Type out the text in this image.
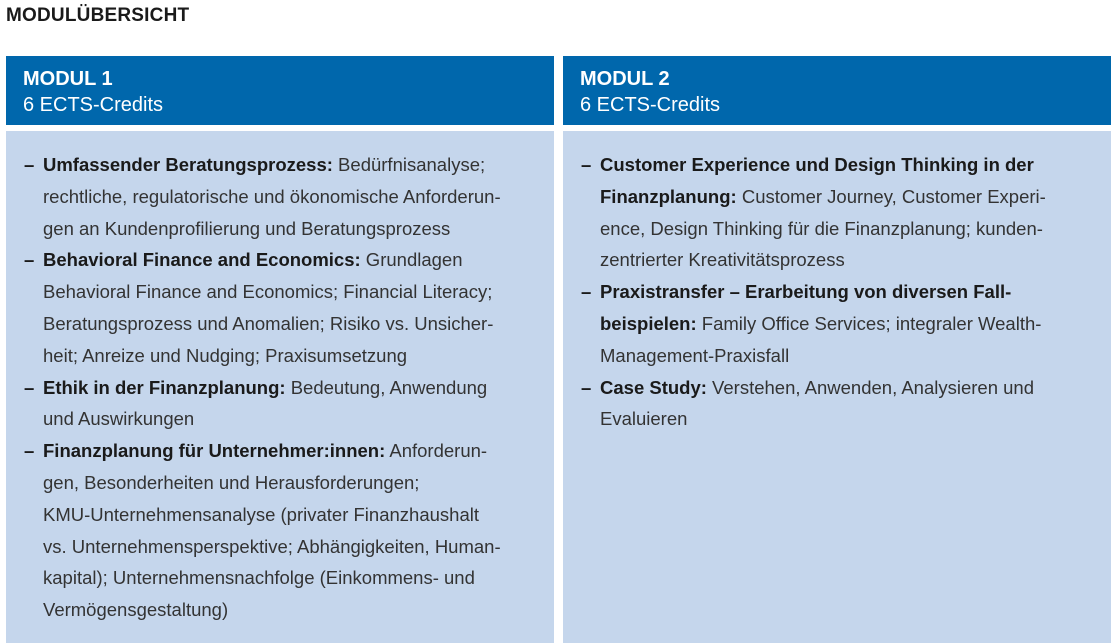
MODULÜBERSICHT
MODUL 1
6 ECTS-Credits
– Umfassender Beratungsprozess: Bedürfnisanalyse;
rechtliche, regulatorische und ökonomische Anforderun-
gen an Kundenprofilierung und Beratungsprozess
– Behavioral Finance and Economics: Grundlagen
Behavioral Finance and Economics; Financial Literacy;
Beratungsprozess und Anomalien; Risiko vs. Unsicher-
heit; Anreize und Nudging; Praxisumsetzung
– Ethik in der Finanzplanung: Bedeutung, Anwendung
und Auswirkungen
– Finanzplanung für Unternehmer:innen: Anforderun-
gen, Besonderheiten und Herausforderungen;
KMU-Unternehmensanalyse (privater Finanzhaushalt
vs. Unternehmensperspektive; Abhängigkeiten, Human-
kapital); Unternehmensnachfolge (Einkommens- und
Vermögensgestaltung)
MODUL 2
6 ECTS-Credits
– Customer Experience und Design Thinking in der
Finanzplanung: Customer Journey, Customer Experi-
ence, Design Thinking für die Finanzplanung; kunden-
zentrierter Kreativitätsprozess
– Praxistransfer – Erarbeitung von diversen Fall-
beispielen: Family Office Services; integraler Wealth-
Management-Praxisfall
– Case Study: Verstehen, Anwenden, Analysieren und
Evaluieren
